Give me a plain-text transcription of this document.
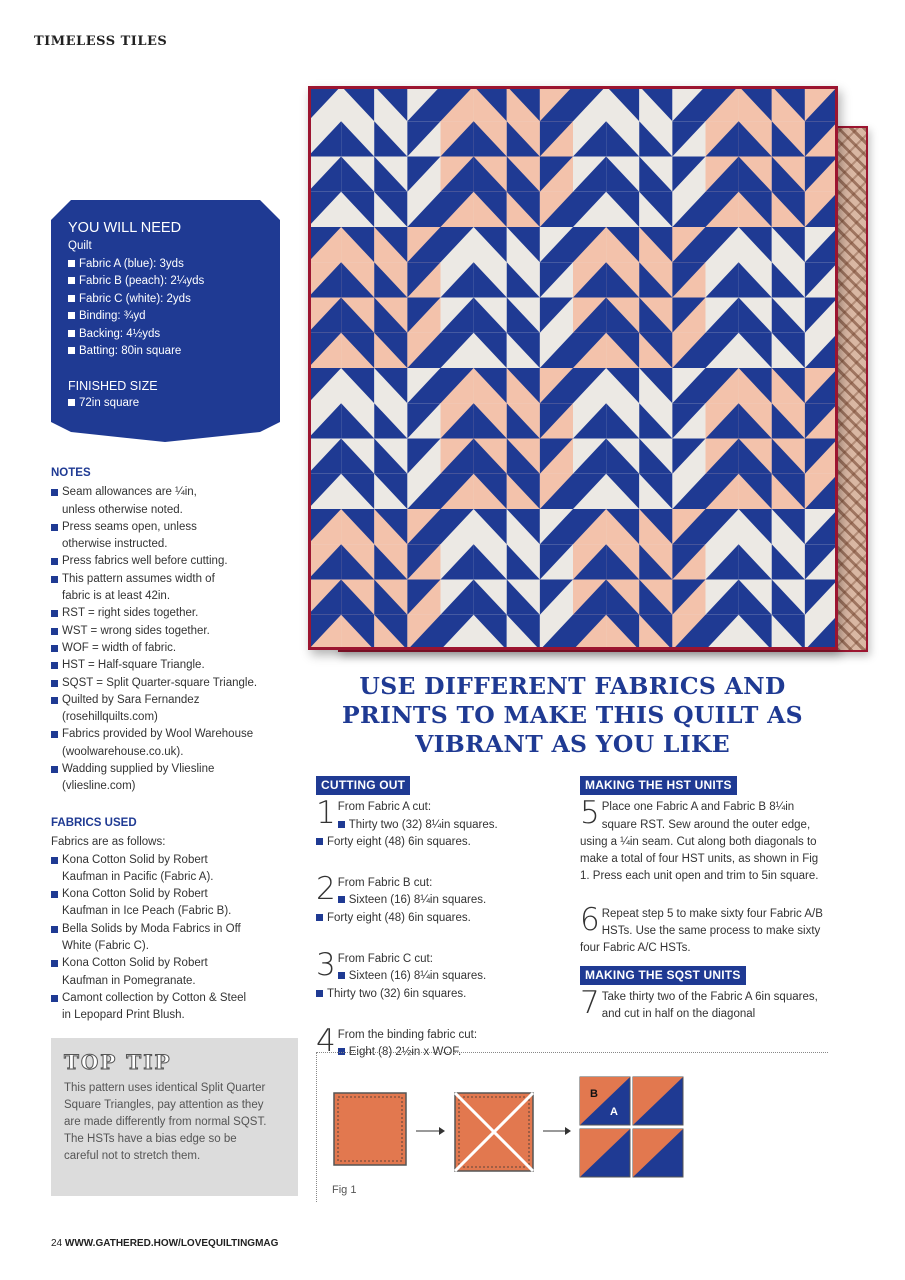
TIMELESS TILES
YOU WILL NEED
Quilt
Fabric A (blue): 3yds
Fabric B (peach): 2¼yds
Fabric C (white): 2yds
Binding: ¾yd
Backing: 4½yds
Batting: 80in square
FINISHED SIZE
72in square
NOTES
Seam allowances are ¼in, unless otherwise noted.
Press seams open, unless otherwise instructed.
Press fabrics well before cutting.
This pattern assumes width of fabric is at least 42in.
RST = right sides together.
WST = wrong sides together.
WOF = width of fabric.
HST = Half-square Triangle.
SQST = Split Quarter-square Triangle.
Quilted by Sara Fernandez (rosehillquilts.com)
Fabrics provided by Wool Warehouse (woolwarehouse.co.uk).
Wadding supplied by Vliesline (vliesline.com)
FABRICS USED
Fabrics are as follows:
Kona Cotton Solid by Robert Kaufman in Pacific (Fabric A).
Kona Cotton Solid by Robert Kaufman in Ice Peach (Fabric B).
Bella Solids by Moda Fabrics in Off White (Fabric C).
Kona Cotton Solid by Robert Kaufman in Pomegranate.
Camont collection by Cotton & Steel in Lepopard Print Blush.
TOP TIP
This pattern uses identical Split Quarter Square Triangles, pay attention as they are made differently from normal SQST. The HSTs have a bias edge so be careful not to stretch them.
USE DIFFERENT FABRICS AND PRINTS TO MAKE THIS QUILT AS VIBRANT AS YOU LIKE
CUTTING OUT
1 From Fabric A cut:
Thirty two (32) 8¼in squares.
Forty eight (48) 6in squares.
2 From Fabric B cut:
Sixteen (16) 8¼in squares.
Forty eight (48) 6in squares.
3 From Fabric C cut:
Sixteen (16) 8¼in squares.
Thirty two (32) 6in squares.
4 From the binding fabric cut:
Eight (8) 2½in x WOF.
MAKING THE HST UNITS
5 Place one Fabric A and Fabric B 8¼in square RST. Sew around the outer edge, using a ¼in seam. Cut along both diagonals to make a total of four HST units, as shown in Fig 1. Press each unit open and trim to 5in square.
6 Repeat step 5 to make sixty four Fabric A/B HSTs. Use the same process to make sixty four Fabric A/C HSTs.
MAKING THE SQST UNITS
7 Take thirty two of the Fabric A 6in squares, and cut in half on the diagonal
B
A
Fig 1
24 WWW.GATHERED.HOW/LOVEQUILTINGMAG
